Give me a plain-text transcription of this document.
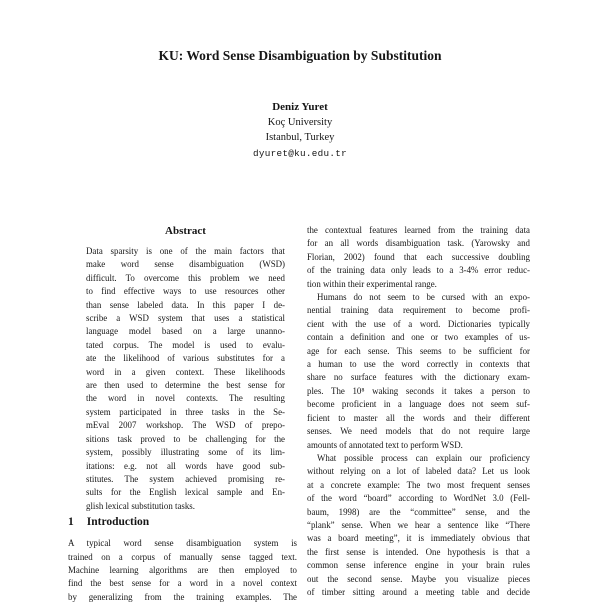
KU: Word Sense Disambiguation by Substitution
Deniz Yuret
Koç University
Istanbul, Turkey
dyuret@ku.edu.tr
Abstract
Data sparsity is one of the main factors that
make word sense disambiguation (WSD)
difficult. To overcome this problem we need
to find effective ways to use resources other
than sense labeled data. In this paper I de-
scribe a WSD system that uses a statistical
language model based on a large unanno-
tated corpus. The model is used to evalu-
ate the likelihood of various substitutes for a
word in a given context. These likelihoods
are then used to determine the best sense for
the word in novel contexts. The resulting
system participated in three tasks in the Se-
mEval 2007 workshop. The WSD of prepo-
sitions task proved to be challenging for the
system, possibly illustrating some of its lim-
itations: e.g. not all words have good sub-
stitutes. The system achieved promising re-
sults for the English lexical sample and En-
glish lexical substitution tasks.
1 Introduction
A typical word sense disambiguation system is
trained on a corpus of manually sense tagged text.
Machine learning algorithms are then employed to
find the best sense for a word in a novel context
by generalizing from the training examples. The
the contextual features learned from the training data
for an all words disambiguation task. (Yarowsky and
Florian, 2002) found that each successive doubling
of the training data only leads to a 3-4% error reduc-
tion within their experimental range.
Humans do not seem to be cursed with an expo-
nential training data requirement to become profi-
cient with the use of a word. Dictionaries typically
contain a definition and one or two examples of us-
age for each sense. This seems to be sufficient for
a human to use the word correctly in contexts that
share no surface features with the dictionary exam-
ples. The 10⁸ waking seconds it takes a person to
become proficient in a language does not seem suf-
ficient to master all the words and their different
senses. We need models that do not require large
amounts of annotated text to perform WSD.
What possible process can explain our proficiency
without relying on a lot of labeled data? Let us look
at a concrete example: The two most frequent senses
of the word “board” according to WordNet 3.0 (Fell-
baum, 1998) are the “committee” sense, and the
“plank” sense. When we hear a sentence like “There
was a board meeting”, it is immediately obvious that
the first sense is intended. One hypothesis is that a
common sense inference engine in your brain rules
out the second sense. Maybe you visualize pieces
of timber sitting around a meeting table and decide
